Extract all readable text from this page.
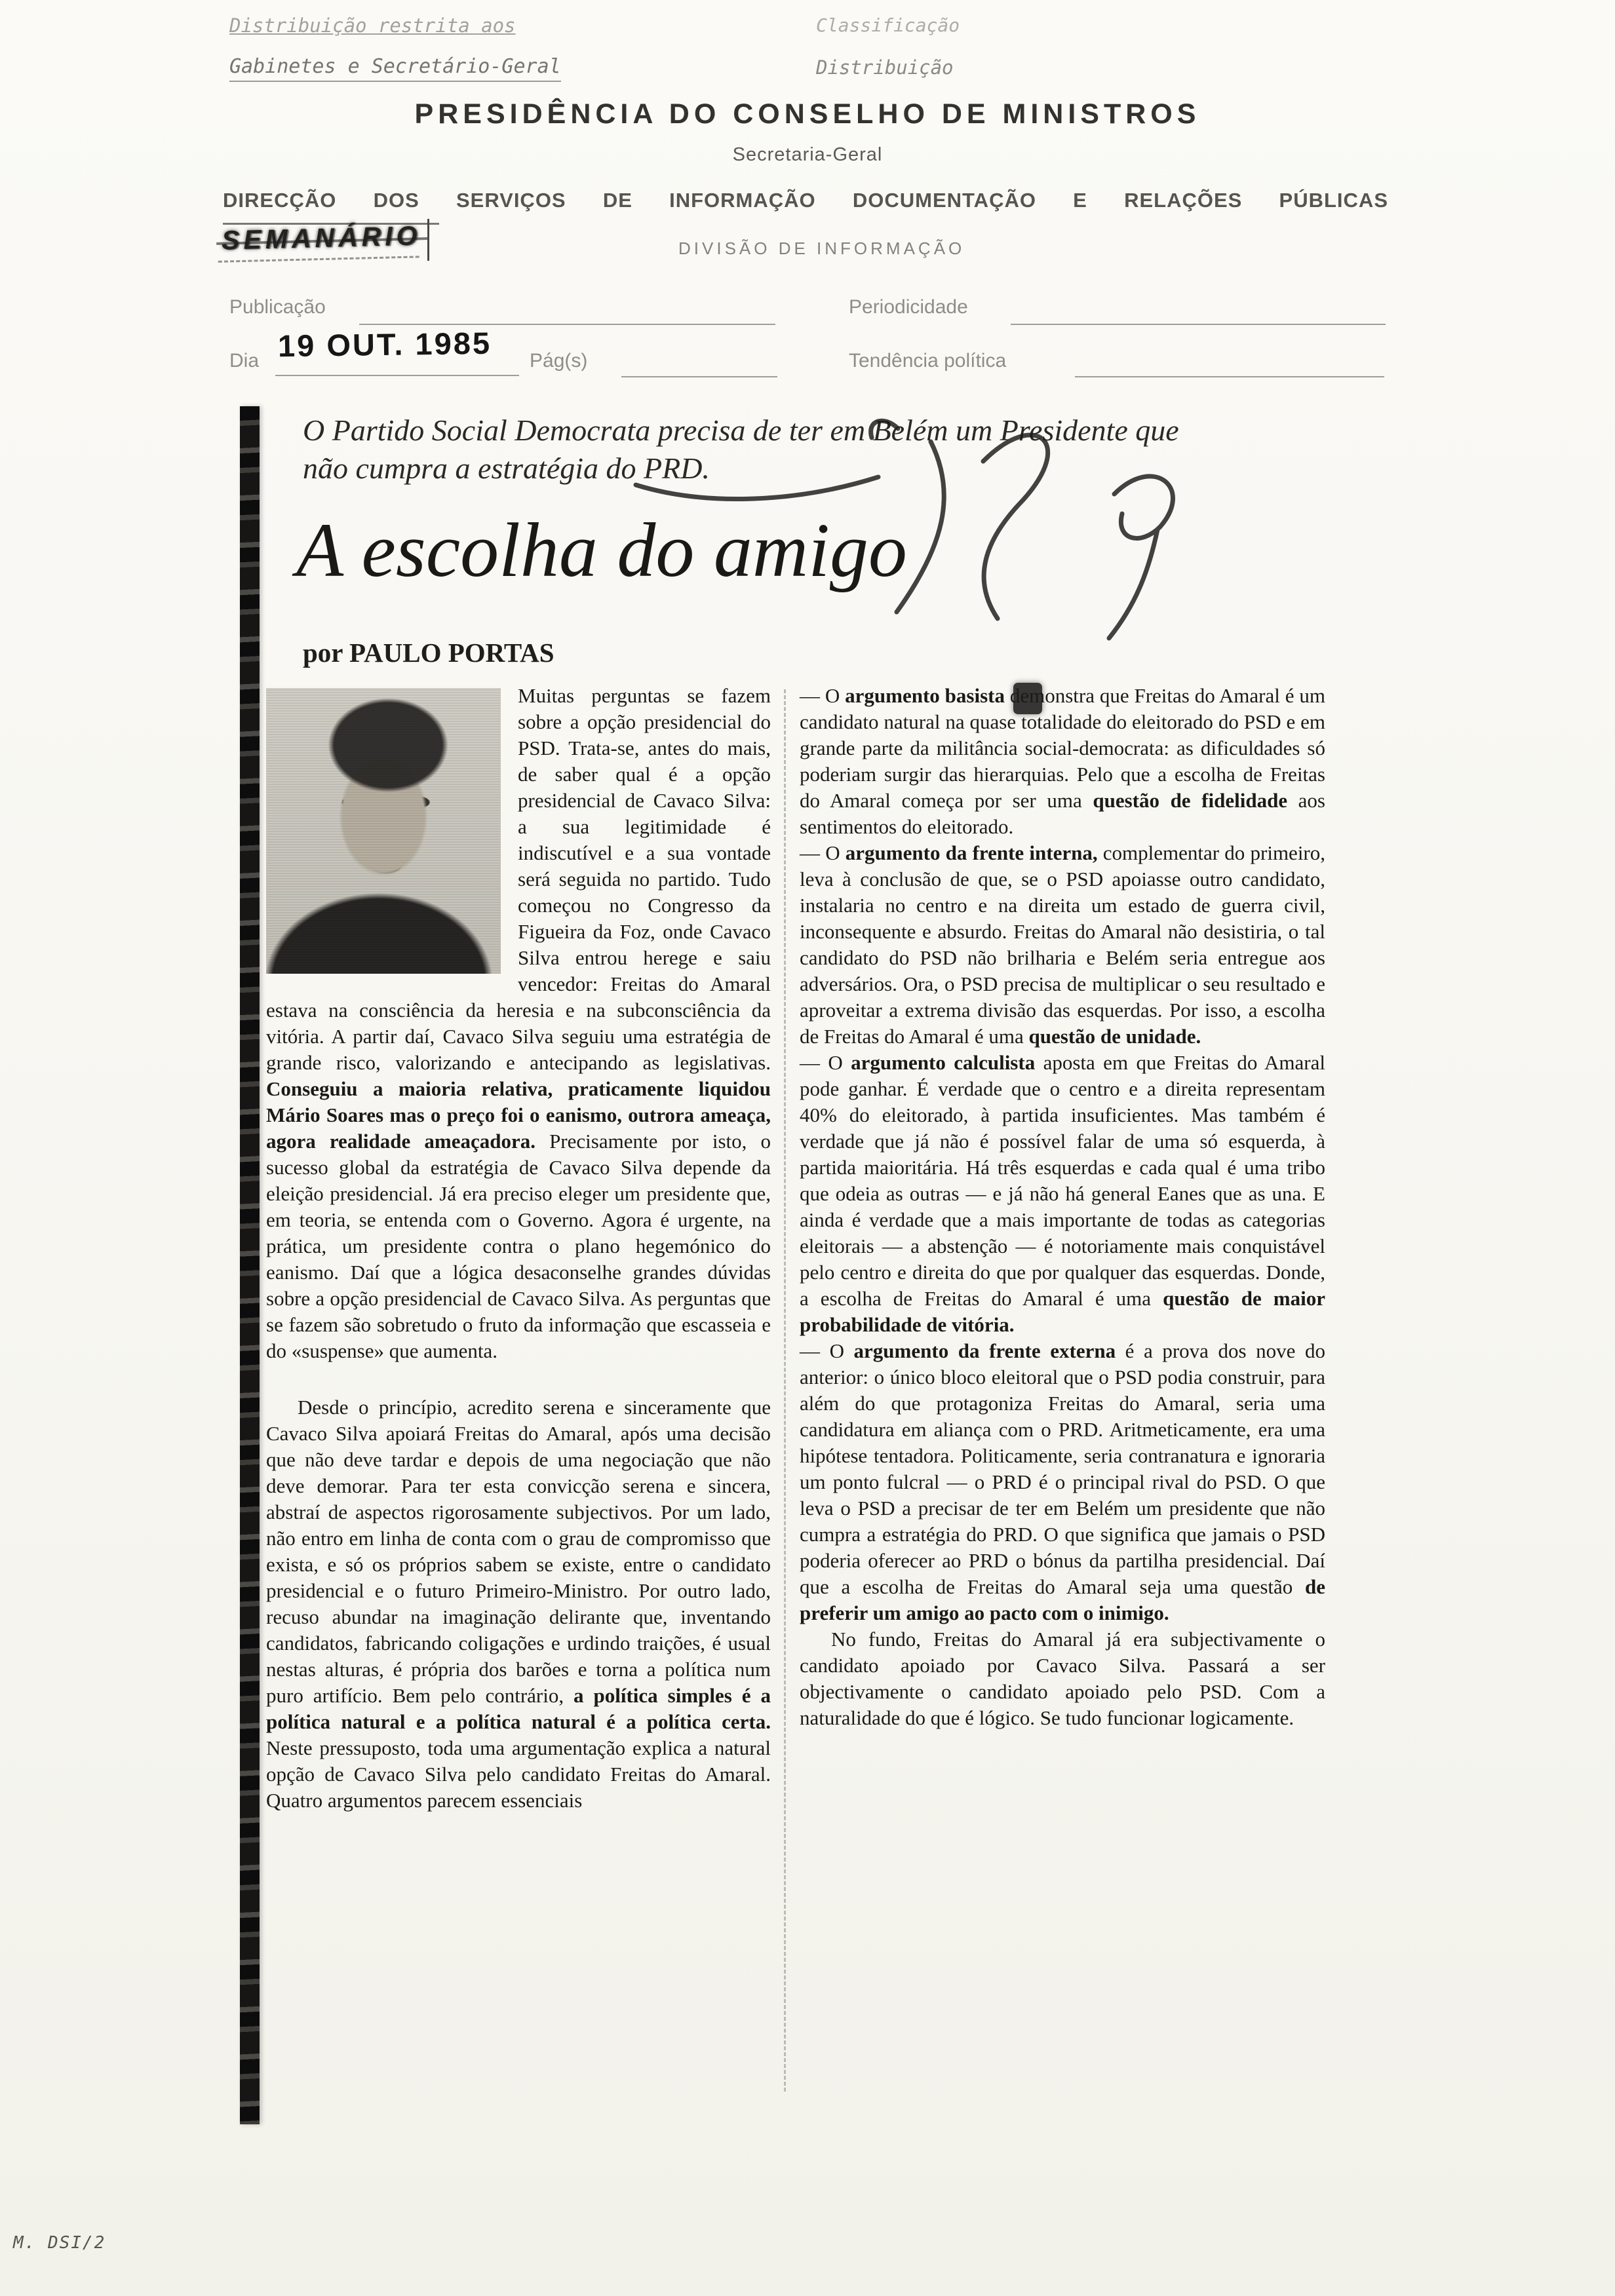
Distribuição restrita aos
Gabinetes e Secretário-Geral
Classificação
Distribuição
PRESIDÊNCIA DO CONSELHO DE MINISTROS
Secretaria-Geral
DIRECÇÃO DOS SERVIÇOS DE INFORMAÇÃO DOCUMENTAÇÃO E RELAÇÕES PÚBLICAS
SEMANÁRIO	DIVISÃO DE INFORMAÇÃO
Publicação	Periodicidade
Dia 19 OUT. 1985 Pág(s)	Tendência política
O Partido Social Democrata precisa de ter em Belém um Presidente que não cumpra a estratégia do PRD.
A escolha do amigo
por PAULO PORTAS

Muitas perguntas se fazem sobre a opção presidencial do PSD. Trata-se, antes do mais, de saber qual é a opção presidencial de Cavaco Silva: a sua legitimidade é indiscutível e a sua vontade será seguida no partido. Tudo começou no Congresso da Figueira da Foz, onde Cavaco Silva entrou herege e saiu vencedor: Freitas do Amaral estava na consciência da heresia e na subconsciência da vitória. A partir daí, Cavaco Silva seguiu uma estratégia de grande risco, valorizando e antecipando as legislativas. Conseguiu a maioria relativa, praticamente liquidou Mário Soares mas o preço foi o eanismo, outrora ameaça, agora realidade ameaçadora. Precisamente por isto, o sucesso global da estratégia de Cavaco Silva depende da eleição presidencial. Já era preciso eleger um presidente que, em teoria, se entenda com o Governo. Agora é urgente, na prática, um presidente contra o plano hegemónico do eanismo. Daí que a lógica desaconselhe grandes dúvidas sobre a opção presidencial de Cavaco Silva. As perguntas que se fazem são sobretudo o fruto da informação que escasseia e do «suspense» que aumenta.

Desde o princípio, acredito serena e sinceramente que Cavaco Silva apoiará Freitas do Amaral, após uma decisão que não deve tardar e depois de uma negociação que não deve demorar. Para ter esta convicção serena e sincera, abstraí de aspectos rigorosamente subjectivos. Por um lado, não entro em linha de conta com o grau de compromisso que exista, e só os próprios sabem se existe, entre o candidato presidencial e o futuro Primeiro-Ministro. Por outro lado, recuso abundar na imaginação delirante que, inventando candidatos, fabricando coligações e urdindo traições, é usual nestas alturas, é própria dos barões e torna a política num puro artifício. Bem pelo contrário, a política simples é a política natural e a política natural é a política certa. Neste pressuposto, toda uma argumentação explica a natural opção de Cavaco Silva pelo candidato Freitas do Amaral. Quatro argumentos parecem essenciais

— O argumento basista demonstra que Freitas do Amaral é um candidato natural na quase totalidade do eleitorado do PSD e em grande parte da militância social-democrata: as dificuldades só poderiam surgir das hierarquias. Pelo que a escolha de Freitas do Amaral começa por ser uma questão de fidelidade aos sentimentos do eleitorado.

— O argumento da frente interna, complementar do primeiro, leva à conclusão de que, se o PSD apoiasse outro candidato, instalaria no centro e na direita um estado de guerra civil, inconsequente e absurdo. Freitas do Amaral não desistiria, o tal candidato do PSD não brilharia e Belém seria entregue aos adversários. Ora, o PSD precisa de multiplicar o seu resultado e aproveitar a extrema divisão das esquerdas. Por isso, a escolha de Freitas do Amaral é uma questão de unidade.

— O argumento calculista aposta em que Freitas do Amaral pode ganhar. É verdade que o centro e a direita representam 40% do eleitorado, à partida insuficientes. Mas também é verdade que já não é possível falar de uma só esquerda, à partida maioritária. Há três esquerdas e cada qual é uma tribo que odeia as outras — e já não há general Eanes que as una. E ainda é verdade que a mais importante de todas as categorias eleitorais — a abstenção — é notoriamente mais conquistável pelo centro e direita do que por qualquer das esquerdas. Donde, a escolha de Freitas do Amaral é uma questão de maior probabilidade de vitória.

— O argumento da frente externa é a prova dos nove do anterior: o único bloco eleitoral que o PSD podia construir, para além do que protagoniza Freitas do Amaral, seria uma candidatura em aliança com o PRD. Aritmeticamente, era uma hipótese tentadora. Politicamente, seria contranatura e ignoraria um ponto fulcral — o PRD é o principal rival do PSD. O que leva o PSD a precisar de ter em Belém um presidente que não cumpra a estratégia do PRD. O que significa que jamais o PSD poderia oferecer ao PRD o bónus da partilha presidencial. Daí que a escolha de Freitas do Amaral seja uma questão de preferir um amigo ao pacto com o inimigo.

No fundo, Freitas do Amaral já era subjectivamente o candidato apoiado por Cavaco Silva. Passará a ser objectivamente o candidato apoiado pelo PSD. Com a naturalidade do que é lógico. Se tudo funcionar logicamente.

M. DSI/2
